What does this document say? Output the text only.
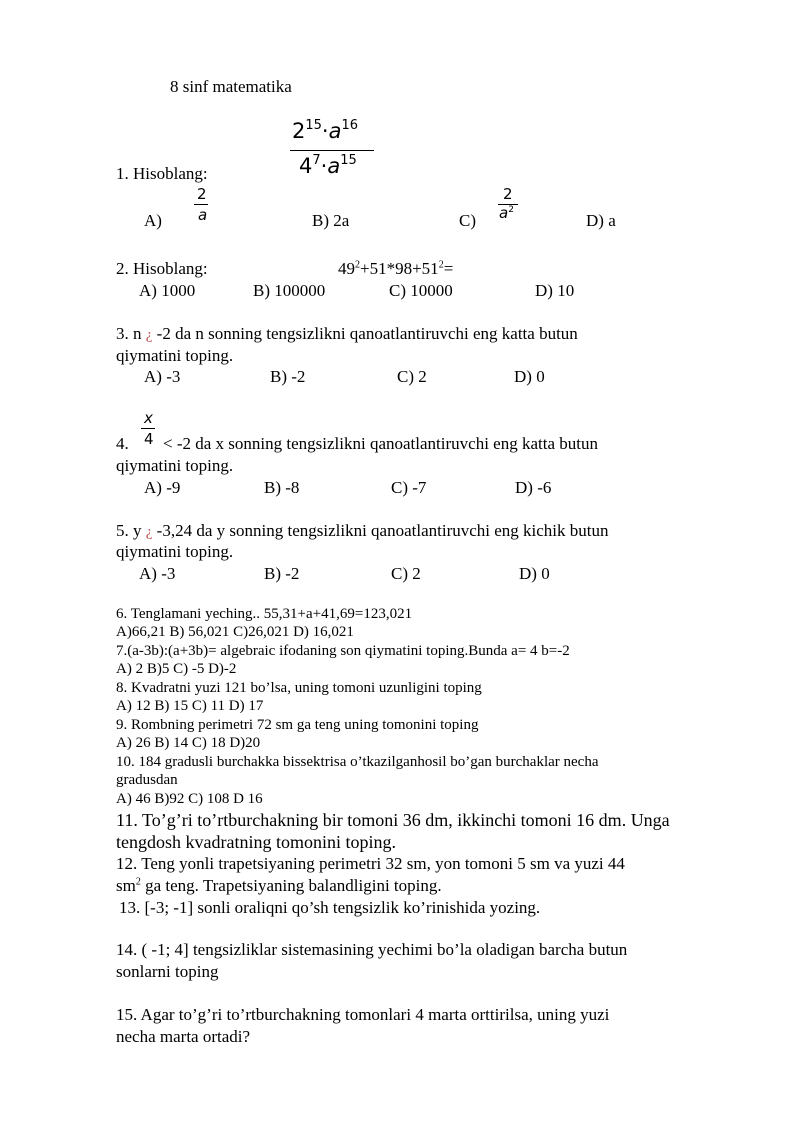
8 sinf matematika
$2^{15}\cdot a^{16}$
$4^7\cdot a^{15}$
1. Hisoblang:
2
a
A)	B) 2a	C)
2
$a^2$
D) a
2. Hisoblang:	$49^2+51*98+51^2=$
A) 1000	B) 100000	C) 10000	D) 10
3. n ¿ -2 da n sonning tengsizlikni qanoatlantiruvchi eng katta butun
qiymatini toping.
A) -3	B) -2	C) 2	D) 0
x
4
4. < -2 da x sonning tengsizlikni qanoatlantiruvchi eng katta butun
qiymatini toping.
A) -9	B) -8	C) -7	D) -6
5. y ¿ -3,24 da y sonning tengsizlikni qanoatlantiruvchi eng kichik butun
qiymatini toping.
A) -3	B) -2	C) 2	D) 0
6. Tenglamani yeching.. 55,31+a+41,69=123,021
A)66,21 B) 56,021 C)26,021 D) 16,021
7.(a-3b):(a+3b)= algebraic ifodaning son qiymatini toping.Bunda a= 4 b=-2
A) 2 B)5 C) -5 D)-2
8. Kvadratni yuzi 121 bo’lsa, uning tomoni uzunligini toping
A) 12 B) 15 C) 11 D) 17
9. Rombning perimetri 72 sm ga teng uning tomonini toping
A) 26 B) 14 C) 18 D)20
10. 184 gradusli burchakka bissektrisa o’tkazilganhosil bo’gan burchaklar necha
gradusdan
A) 46 B)92 C) 108 D 16
11. To’g’ri to’rtburchakning bir tomoni 36 dm, ikkinchi tomoni 16 dm. Unga
tengdosh kvadratning tomonini toping.
12. Teng yonli trapetsiyaning perimetri 32 sm, yon tomoni 5 sm va yuzi 44
$sm^2$ ga teng. Trapetsiyaning balandligini toping.
13. [-3; -1] sonli oraliqni qo’sh tengsizlik ko’rinishida yozing.
14. ( -1; 4] tengsizliklar sistemasining yechimi bo’la oladigan barcha butun
sonlarni toping
15. Agar to’g’ri to’rtburchakning tomonlari 4 marta orttirilsa, uning yuzi
necha marta ortadi?
